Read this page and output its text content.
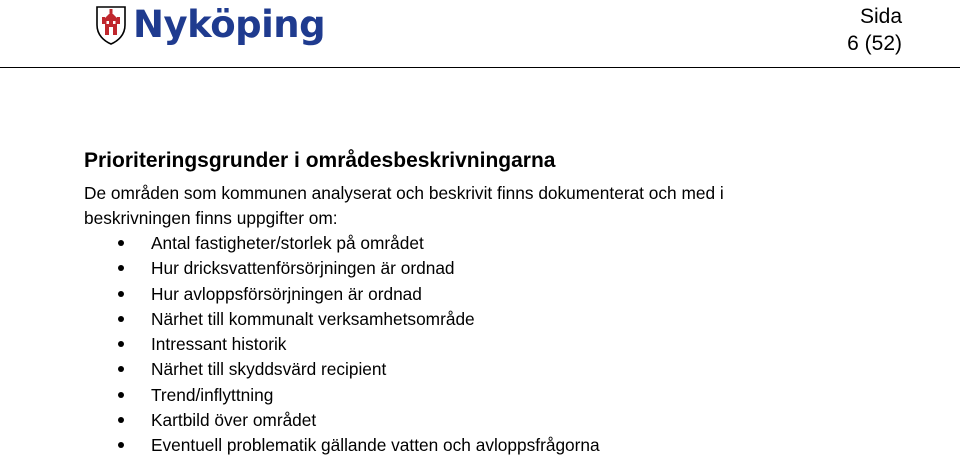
Nyköping	Sida
6 (52)
Prioriteringsgrunder i områdesbeskrivningarna

De områden som kommunen analyserat och beskrivit finns dokumenterat och med i
beskrivningen finns uppgifter om:

Antal fastigheter/storlek på området
Hur dricksvattenförsörjningen är ordnad
Hur avloppsförsörjningen är ordnad
Närhet till kommunalt verksamhetsområde
Intressant historik
Närhet till skyddsvärd recipient
Trend/inflyttning
Kartbild över området
Eventuell problematik gällande vatten och avloppsfrågorna
